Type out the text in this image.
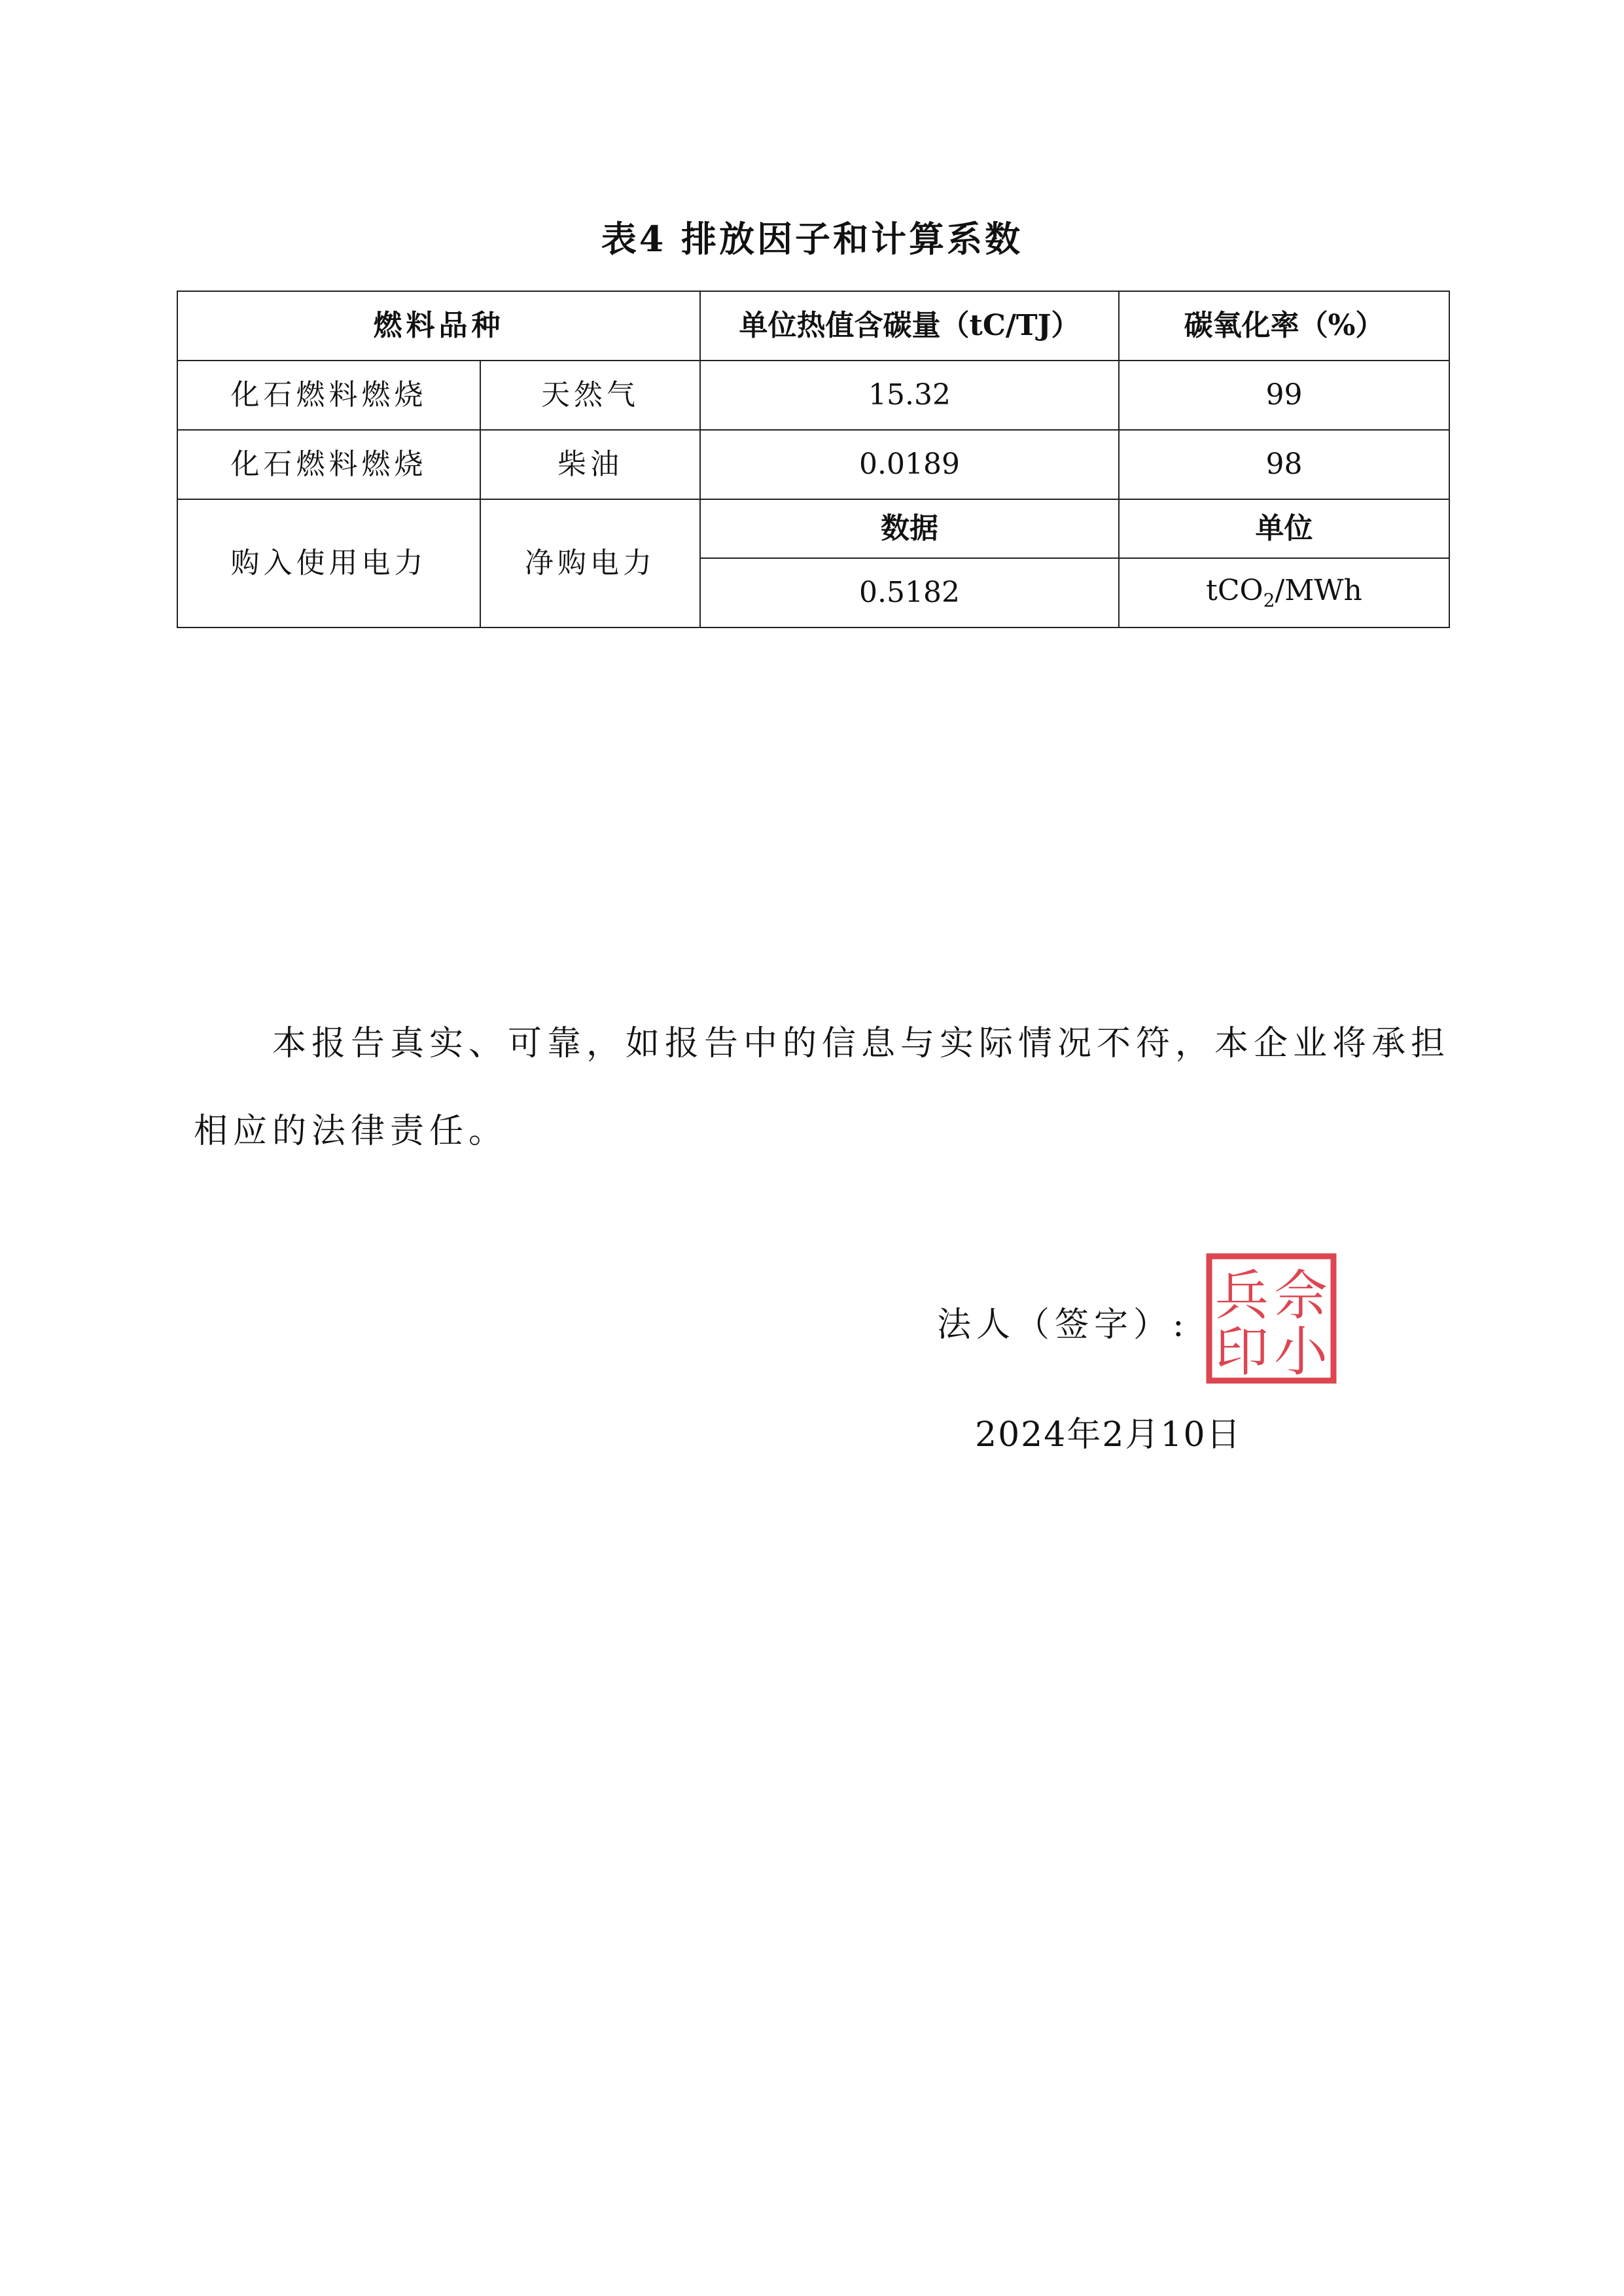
表4 排放因子和计算系数
燃料品种		单位热值含碳量（tC/TJ）	碳氧化率（%）
化石燃料燃烧	天然气	15.32	99
化石燃料燃烧	柴油	0.0189	98
购入使用电力	净购电力	数据	单位
		0.5182	tCO$_2$/MWh
本报告真实、可靠，如报告中的信息与实际情况不符，本企业将承担相应的法律责任。
法人（签字）: 佘
小
兵
印
2024年2月10日
